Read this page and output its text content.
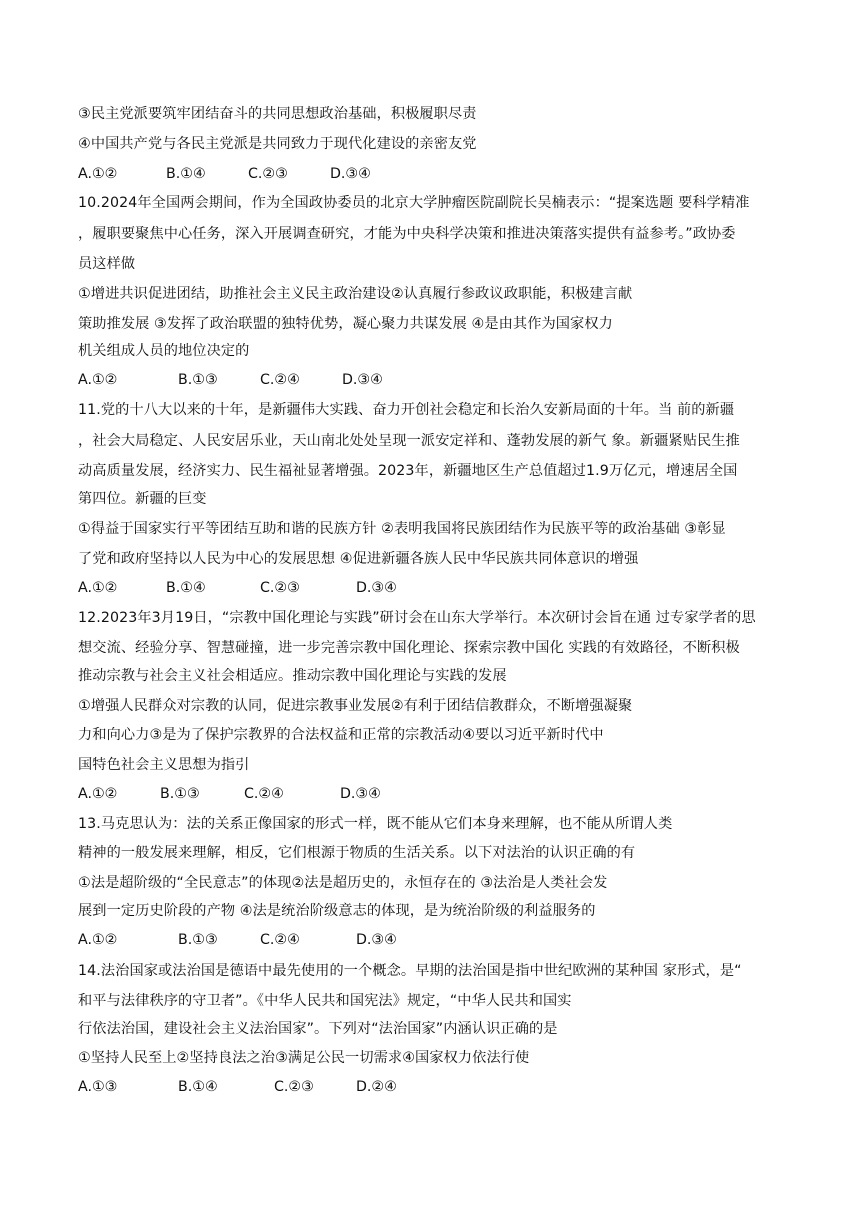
③民主党派要筑牢团结奋斗的共同思想政治基础，积极履职尽责
④中国共产党与各民主党派是共同致力于现代化建设的亲密友党
A.①②	B.①④	C.②③	D.③④
10.2024年全国两会期间，作为全国政协委员的北京大学肿瘤医院副院长吴楠表示：“提案选题 要科学精准
，履职要聚焦中心任务，深入开展调查研究，才能为中央科学决策和推进决策落实提供有益参考。”政协委
员这样做
①增进共识促进团结，助推社会主义民主政治建设②认真履行参政议政职能，积极建言献
策助推发展 ③发挥了政治联盟的独特优势，凝心聚力共谋发展 ④是由其作为国家权力
机关组成人员的地位决定的
A.①②	B.①③	C.②④	D.③④
11.党的十八大以来的十年，是新疆伟大实践、奋力开创社会稳定和长治久安新局面的十年。当 前的新疆
，社会大局稳定、人民安居乐业，天山南北处处呈现一派安定祥和、蓬勃发展的新气 象。新疆紧贴民生推
动高质量发展，经济实力、民生福祉显著增强。2023年，新疆地区生产总值超过1.9万亿元，增速居全国
第四位。新疆的巨变
①得益于国家实行平等团结互助和谐的民族方针 ②表明我国将民族团结作为民族平等的政治基础 ③彰显
了党和政府坚持以人民为中心的发展思想 ④促进新疆各族人民中华民族共同体意识的增强
A.①②	B.①④	C.②③	D.③④
12.2023年3月19日，“宗教中国化理论与实践”研讨会在山东大学举行。本次研讨会旨在通 过专家学者的思
想交流、经验分享、智慧碰撞，进一步完善宗教中国化理论、探索宗教中国化 实践的有效路径，不断积极
推动宗教与社会主义社会相适应。推动宗教中国化理论与实践的发展
①增强人民群众对宗教的认同，促进宗教事业发展②有利于团结信教群众，不断增强凝聚
力和向心力③是为了保护宗教界的合法权益和正常的宗教活动④要以习近平新时代中
国特色社会主义思想为指引
A.①②	B.①③	C.②④	D.③④
13.马克思认为：法的关系正像国家的形式一样，既不能从它们本身来理解，也不能从所谓人类
精神的一般发展来理解，相反，它们根源于物质的生活关系。以下对法治的认识正确的有
①法是超阶级的“全民意志”的体现②法是超历史的，永恒存在的 ③法治是人类社会发
展到一定历史阶段的产物 ④法是统治阶级意志的体现，是为统治阶级的利益服务的
A.①②	B.①③	C.②④	D.③④
14.法治国家或法治国是德语中最先使用的一个概念。早期的法治国是指中世纪欧洲的某种国 家形式，是“
和平与法律秩序的守卫者”。《中华人民共和国宪法》规定，“中华人民共和国实
行依法治国，建设社会主义法治国家”。下列对“法治国家”内涵认识正确的是
①坚持人民至上②坚持良法之治③满足公民一切需求④国家权力依法行使
A.①③	B.①④	C.②③	D.②④
